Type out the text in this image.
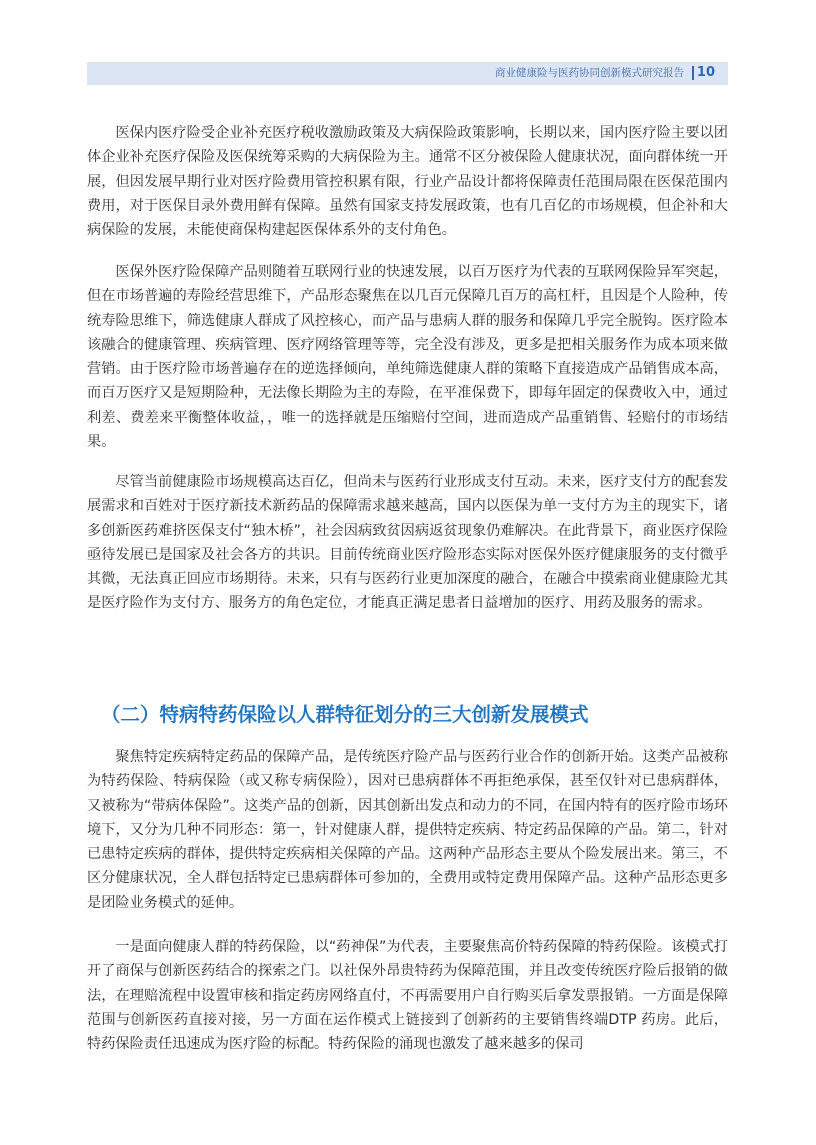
商业健康险与医药协同创新模式研究报告 10

医保内医疗险受企业补充医疗税收激励政策及大病保险政策影响，长期以来，国内医疗险主要以团体企业补充医疗保险及医保统筹采购的大病保险为主。通常不区分被保险人健康状况，面向群体统一开展，但因发展早期行业对医疗险费用管控积累有限，行业产品设计都将保障责任范围局限在医保范围内费用，对于医保目录外费用鲜有保障。虽然有国家支持发展政策，也有几百亿的市场规模，但企补和大病保险的发展，未能使商保构建起医保体系外的支付角色。

医保外医疗险保障产品则随着互联网行业的快速发展，以百万医疗为代表的互联网保险异军突起，但在市场普遍的寿险经营思维下，产品形态聚焦在以几百元保障几百万的高杠杆，且因是个人险种，传统寿险思维下，筛选健康人群成了风控核心，而产品与患病人群的服务和保障几乎完全脱钩。医疗险本该融合的健康管理、疾病管理、医疗网络管理等等，完全没有涉及，更多是把相关服务作为成本项来做营销。由于医疗险市场普遍存在的逆选择倾向，单纯筛选健康人群的策略下直接造成产品销售成本高，而百万医疗又是短期险种，无法像长期险为主的寿险，在平准保费下，即每年固定的保费收入中，通过利差、费差来平衡整体收益，，唯一的选择就是压缩赔付空间，进而造成产品重销售、轻赔付的市场结果。

尽管当前健康险市场规模高达百亿，但尚未与医药行业形成支付互动。未来，医疗支付方的配套发展需求和百姓对于医疗新技术新药品的保障需求越来越高，国内以医保为单一支付方为主的现实下，诸多创新医药难挤医保支付“独木桥”，社会因病致贫因病返贫现象仍难解决。在此背景下，商业医疗保险亟待发展已是国家及社会各方的共识。目前传统商业医疗险形态实际对医保外医疗健康服务的支付微乎其微，无法真正回应市场期待。未来，只有与医药行业更加深度的融合，在融合中摸索商业健康险尤其是医疗险作为支付方、服务方的角色定位，才能真正满足患者日益增加的医疗、用药及服务的需求。

（二）特病特药保险以人群特征划分的三大创新发展模式

聚焦特定疾病特定药品的保障产品，是传统医疗险产品与医药行业合作的创新开始。这类产品被称为特药保险、特病保险（或又称专病保险），因对已患病群体不再拒绝承保，甚至仅针对已患病群体，又被称为“带病体保险”。这类产品的创新，因其创新出发点和动力的不同，在国内特有的医疗险市场环境下，又分为几种不同形态：第一，针对健康人群，提供特定疾病、特定药品保障的产品。第二，针对已患特定疾病的群体，提供特定疾病相关保障的产品。这两种产品形态主要从个险发展出来。第三，不区分健康状况，全人群包括特定已患病群体可参加的，全费用或特定费用保障产品。这种产品形态更多是团险业务模式的延伸。

一是面向健康人群的特药保险，以“药神保”为代表，主要聚焦高价特药保障的特药保险。该模式打开了商保与创新医药结合的探索之门。以社保外昂贵特药为保障范围，并且改变传统医疗险后报销的做法，在理赔流程中设置审核和指定药房网络直付，不再需要用户自行购买后拿发票报销。一方面是保障范围与创新医药直接对接，另一方面在运作模式上链接到了创新药的主要销售终端DTP 药房。此后，特药保险责任迅速成为医疗险的标配。特药保险的涌现也激发了越来越多的保司
